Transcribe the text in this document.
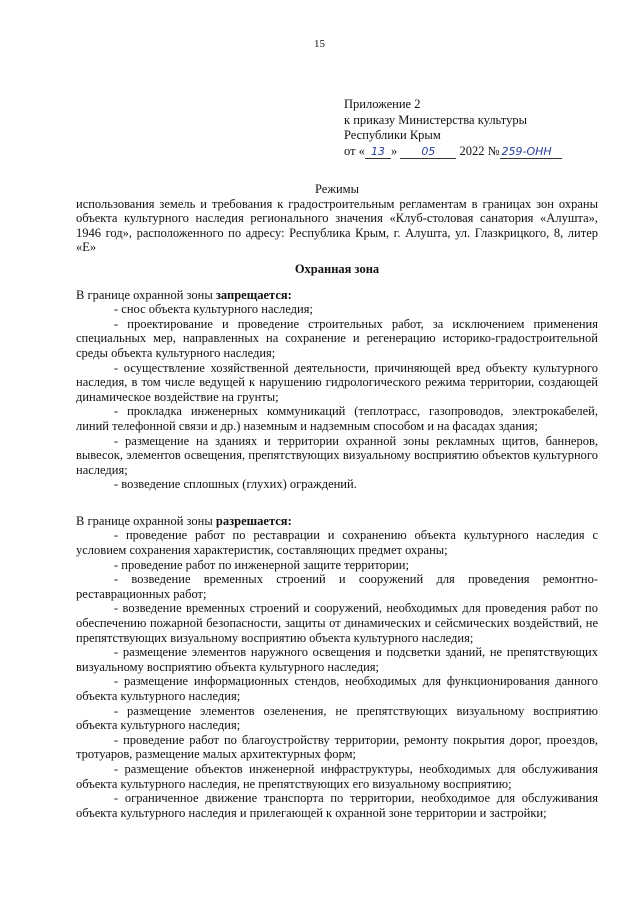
15
Приложение 2
к приказу Министерства культуры
Республики Крым
от « 13 » 05 2022 № 259-ОНН

Режимы

использования земель и требования к градостроительным регламентам в границах зон охраны объекта культурного наследия регионального значения «Клуб-столовая санатория «Алушта», 1946 год», расположенного по адресу: Республика Крым, г. Алушта, ул. Глазкрицкого, 8, литер «Е»

Охранная зона

В границе охранной зоны запрещается:

- снос объекта культурного наследия;

- проектирование и проведение строительных работ, за исключением применения специальных мер, направленных на сохранение и регенерацию историко-градостроительной среды объекта культурного наследия;

- осуществление хозяйственной деятельности, причиняющей вред объекту культурного наследия, в том числе ведущей к нарушению гидрологического режима территории, создающей динамическое воздействие на грунты;

- прокладка инженерных коммуникаций (теплотрасс, газопроводов, электрокабелей, линий телефонной связи и др.) наземным и надземным способом и на фасадах здания;

- размещение на зданиях и территории охранной зоны рекламных щитов, баннеров, вывесок, элементов освещения, препятствующих визуальному восприятию объектов культурного наследия;

- возведение сплошных (глухих) ограждений.

В границе охранной зоны разрешается:

- проведение работ по реставрации и сохранению объекта культурного наследия с условием сохранения характеристик, составляющих предмет охраны;

- проведение работ по инженерной защите территории;

- возведение временных строений и сооружений для проведения ремонтно-реставрационных работ;

- возведение временных строений и сооружений, необходимых для проведения работ по обеспечению пожарной безопасности, защиты от динамических и сейсмических воздействий, не препятствующих визуальному восприятию объекта культурного наследия;

- размещение элементов наружного освещения и подсветки зданий, не препятствующих визуальному восприятию объекта культурного наследия;

- размещение информационных стендов, необходимых для функционирования данного объекта культурного наследия;

- размещение элементов озеленения, не препятствующих визуальному восприятию объекта культурного наследия;

- проведение работ по благоустройству территории, ремонту покрытия дорог, проездов, тротуаров, размещение малых архитектурных форм;

- размещение объектов инженерной инфраструктуры, необходимых для обслуживания объекта культурного наследия, не препятствующих его визуальному восприятию;

- ограниченное движение транспорта по территории, необходимое для обслуживания объекта культурного наследия и прилегающей к охранной зоне территории и застройки;
